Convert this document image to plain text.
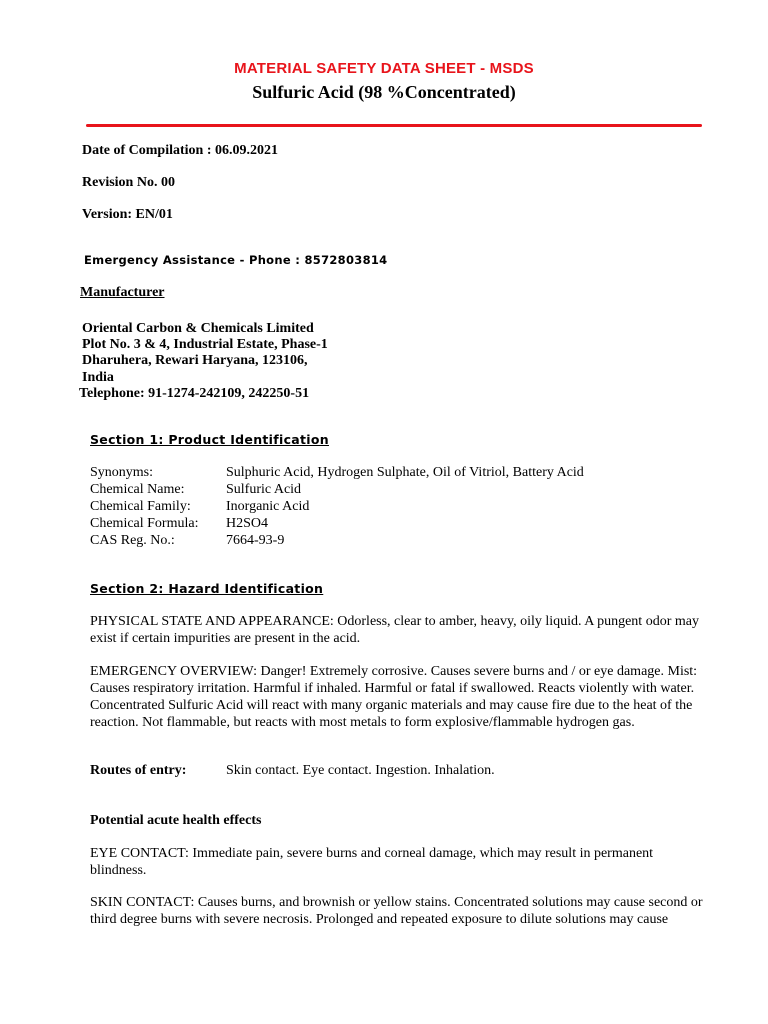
MATERIAL SAFETY DATA SHEET - MSDS
Sulfuric Acid (98 %Concentrated)
Date of Compilation : 06.09.2021
Revision No. 00
Version: EN/01
Emergency Assistance - Phone : 8572803814
Manufacturer
Oriental Carbon & Chemicals Limited
Plot No. 3 & 4, Industrial Estate, Phase-1
Dharuhera, Rewari Haryana, 123106,
India
Telephone: 91-1274-242109, 242250-51
Section 1: Product Identification
Synonyms:	Sulphuric Acid, Hydrogen Sulphate, Oil of Vitriol, Battery Acid
Chemical Name:	Sulfuric Acid
Chemical Family:	Inorganic Acid
Chemical Formula:	H2SO4
CAS Reg. No.:	7664-93-9
Section 2: Hazard Identification
PHYSICAL STATE AND APPEARANCE: Odorless, clear to amber, heavy, oily liquid. A pungent odor may exist if certain impurities are present in the acid.
EMERGENCY OVERVIEW: Danger! Extremely corrosive. Causes severe burns and / or eye damage. Mist: Causes respiratory irritation. Harmful if inhaled. Harmful or fatal if swallowed. Reacts violently with water. Concentrated Sulfuric Acid will react with many organic materials and may cause fire due to the heat of the reaction. Not flammable, but reacts with most metals to form explosive/flammable hydrogen gas.
Routes of entry:	Skin contact. Eye contact. Ingestion. Inhalation.
Potential acute health effects
EYE CONTACT: Immediate pain, severe burns and corneal damage, which may result in permanent blindness.
SKIN CONTACT: Causes burns, and brownish or yellow stains. Concentrated solutions may cause second or third degree burns with severe necrosis. Prolonged and repeated exposure to dilute solutions may cause
